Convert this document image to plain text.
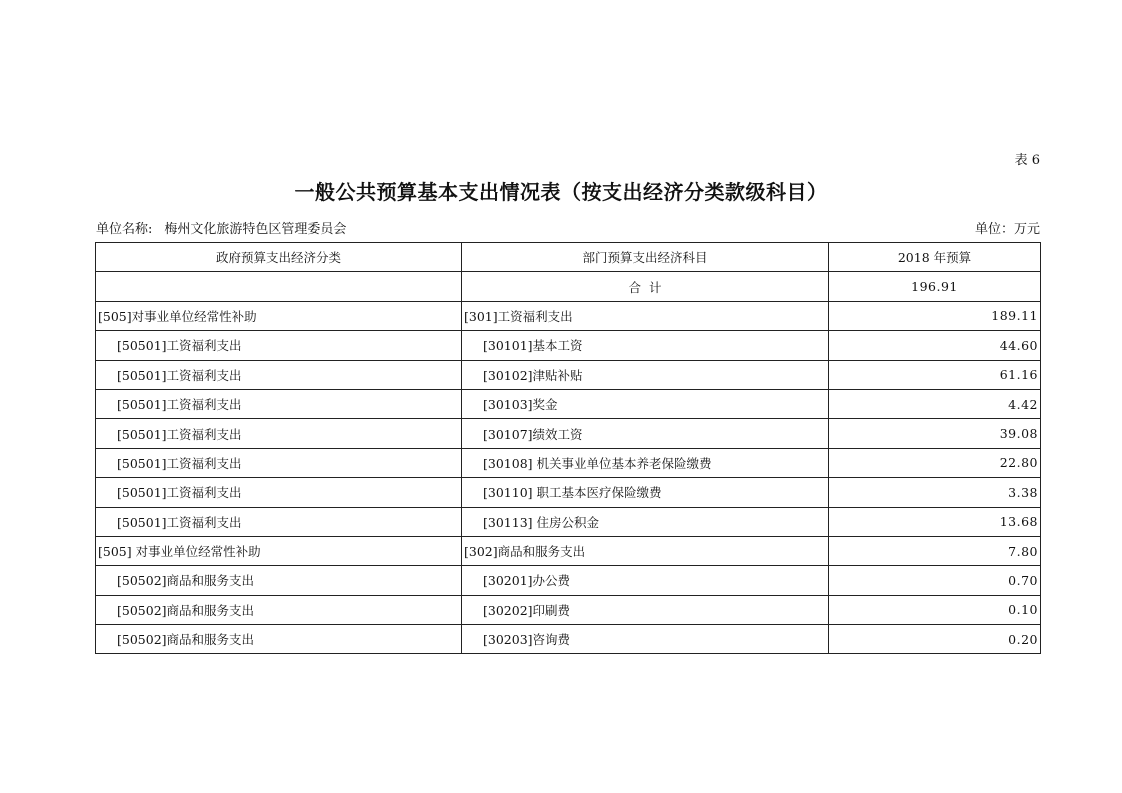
表 6
一般公共预算基本支出情况表（按支出经济分类款级科目）
单位名称: 梅州文化旅游特色区管理委员会	单位：万元
政府预算支出经济分类	部门预算支出经济科目	2018 年预算
	合  计	196.91
[505]对事业单位经常性补助	[301]工资福利支出	189.11
[50501]工资福利支出	[30101]基本工资	44.60
[50501]工资福利支出	[30102]津贴补贴	61.16
[50501]工资福利支出	[30103]奖金	4.42
[50501]工资福利支出	[30107]绩效工资	39.08
[50501]工资福利支出	[30108] 机关事业单位基本养老保险缴费	22.80
[50501]工资福利支出	[30110] 职工基本医疗保险缴费	3.38
[50501]工资福利支出	[30113] 住房公积金	13.68
[505] 对事业单位经常性补助	[302]商品和服务支出	7.80
[50502]商品和服务支出	[30201]办公费	0.70
[50502]商品和服务支出	[30202]印刷费	0.10
[50502]商品和服务支出	[30203]咨询费	0.20
